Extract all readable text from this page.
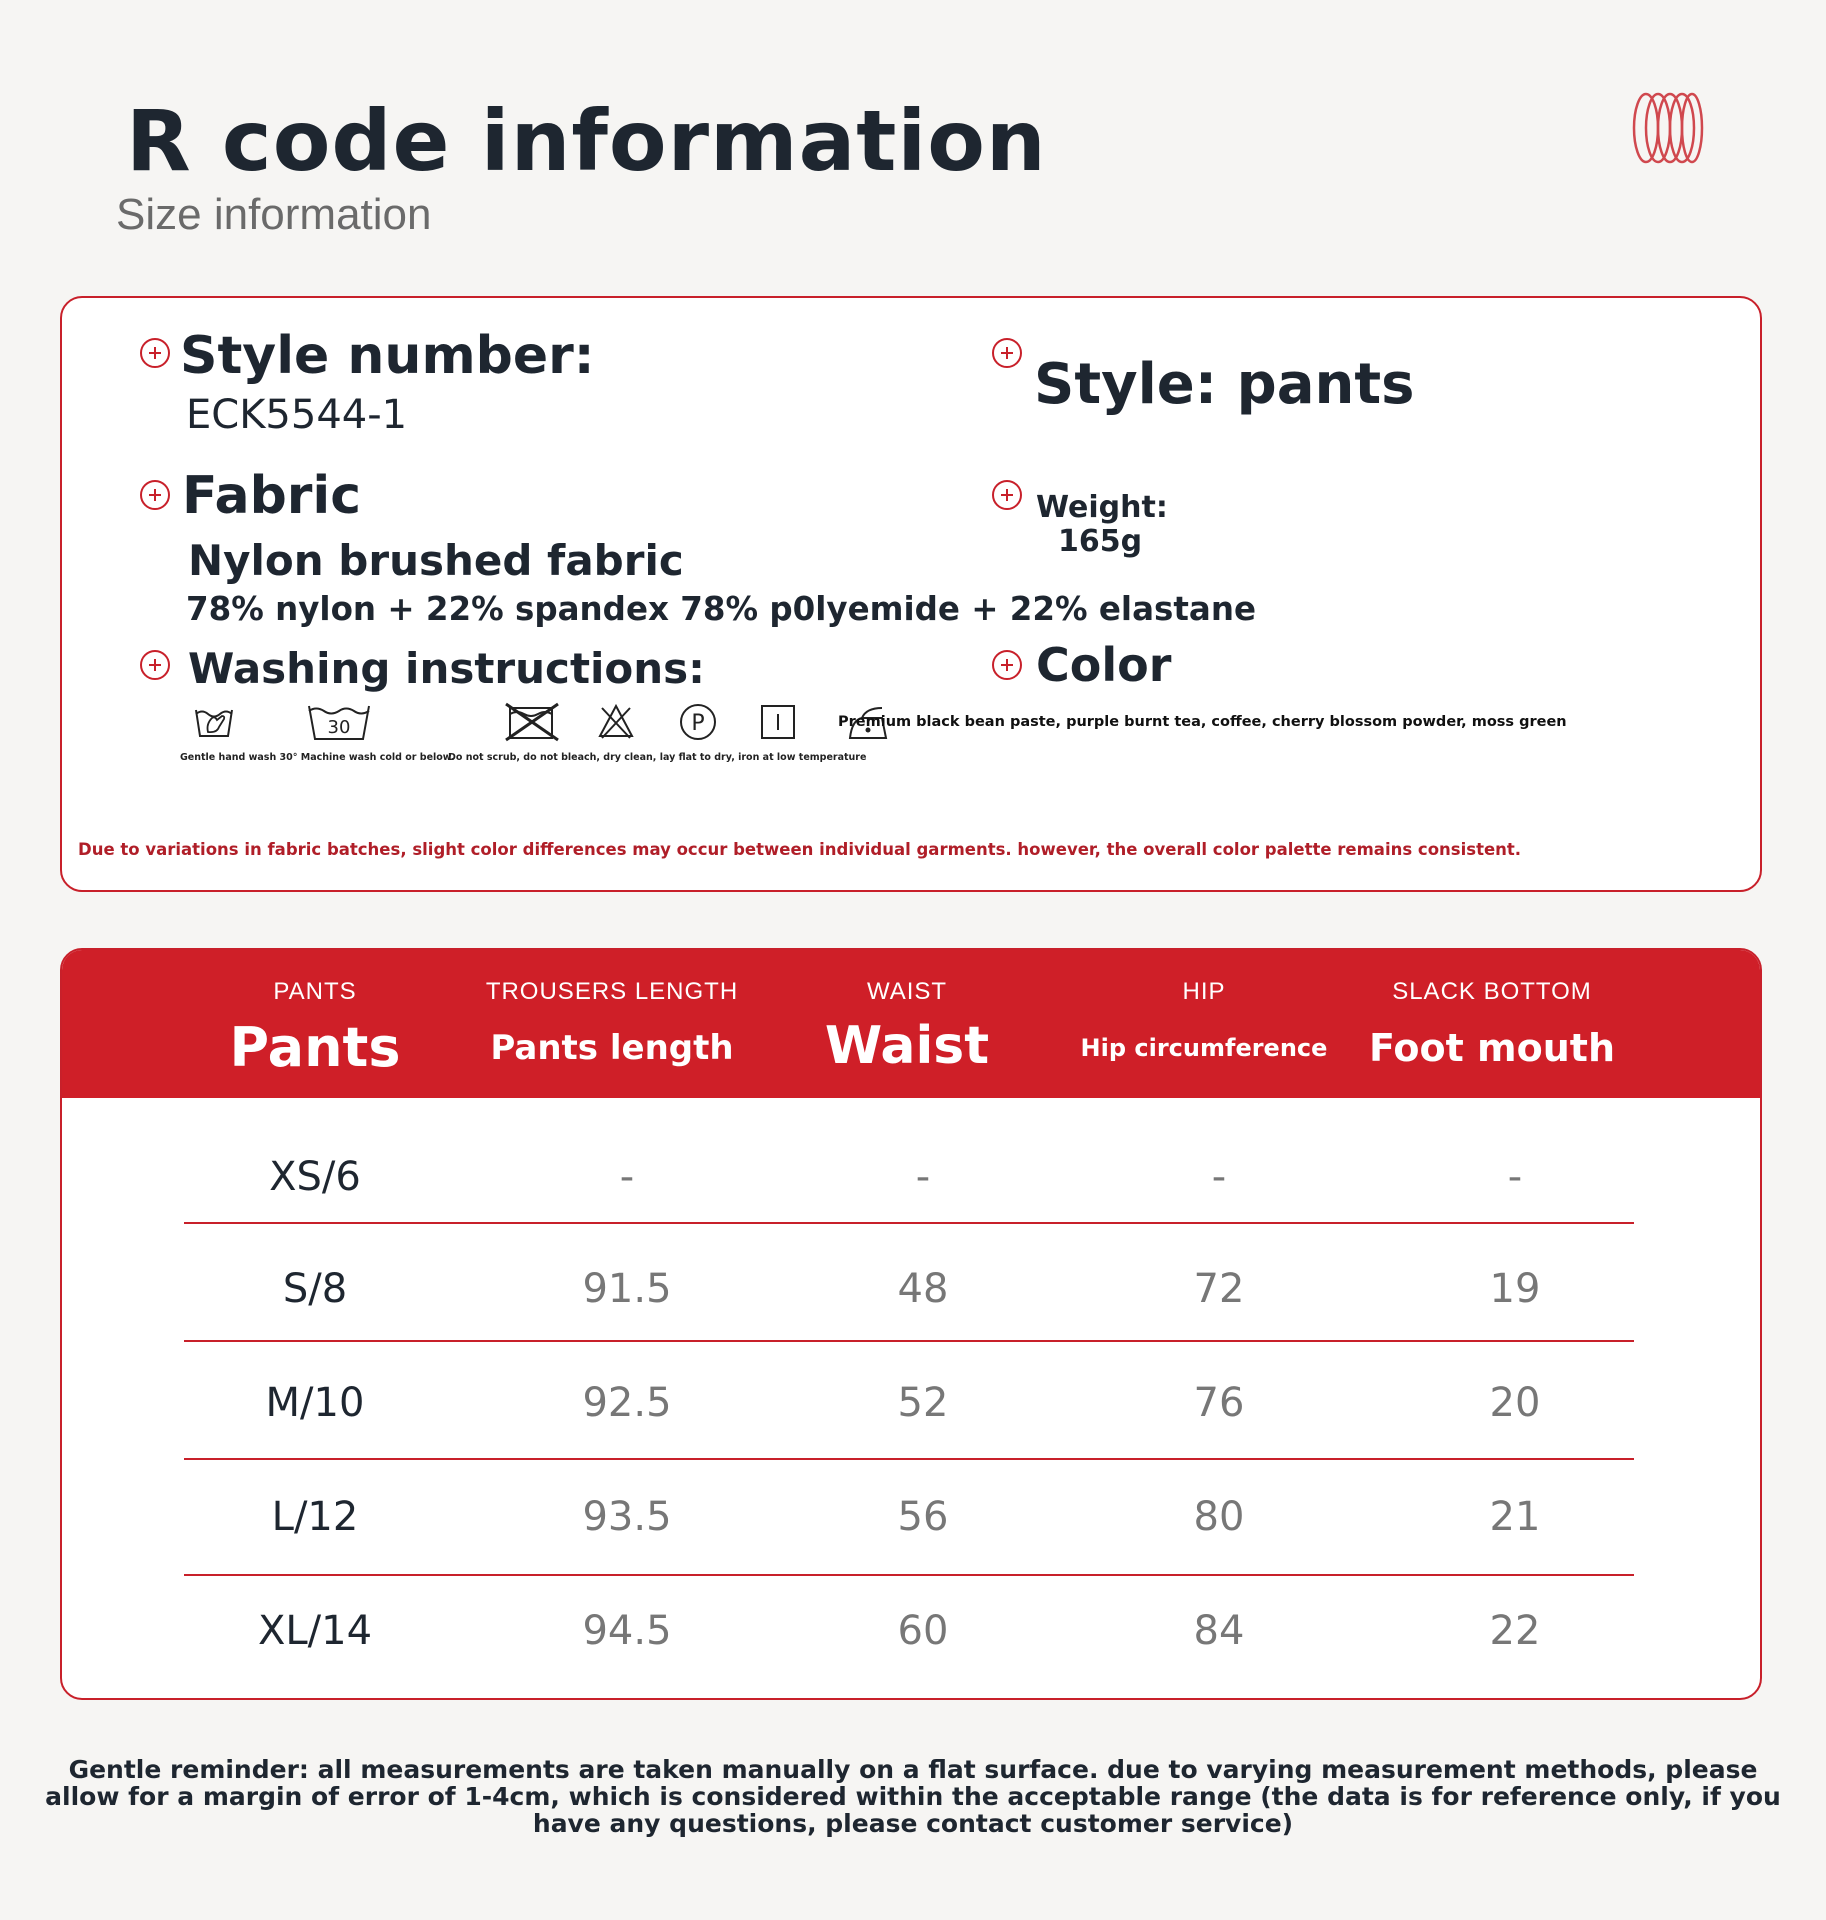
R code information
Size information
Style number:
ECK5544-1	Style: pants
Fabric
Nylon brushed fabric
78% nylon + 22% spandex 78% p0lyemide + 22% elastane
Weight:
165g
Washing instructions:	Color
30	P
Gentle hand wash 30° Machine wash cold or below.
Do not scrub, do not bleach, dry clean, lay flat to dry, iron at low temperature
Premium black bean paste, purple burnt tea, coffee, cherry blossom powder, moss green
Due to variations in fabric batches, slight color differences may occur between individual garments. however, the overall color palette remains consistent.
PANTS
Pants
TROUSERS LENGTH
Pants length
WAIST
Waist
HIP
Hip circumference
SLACK BOTTOM
Foot mouth
XS/6	-	-	-	-
S/8	91.5	48	72	19
M/10	92.5	52	76	20
L/12	93.5	56	80	21
XL/14	94.5	60	84	22
Gentle reminder: all measurements are taken manually on a flat surface. due to varying measurement methods, please allow for a margin of error of 1-4cm, which is considered within the acceptable range (the data is for reference only, if you have any questions, please contact customer service)
